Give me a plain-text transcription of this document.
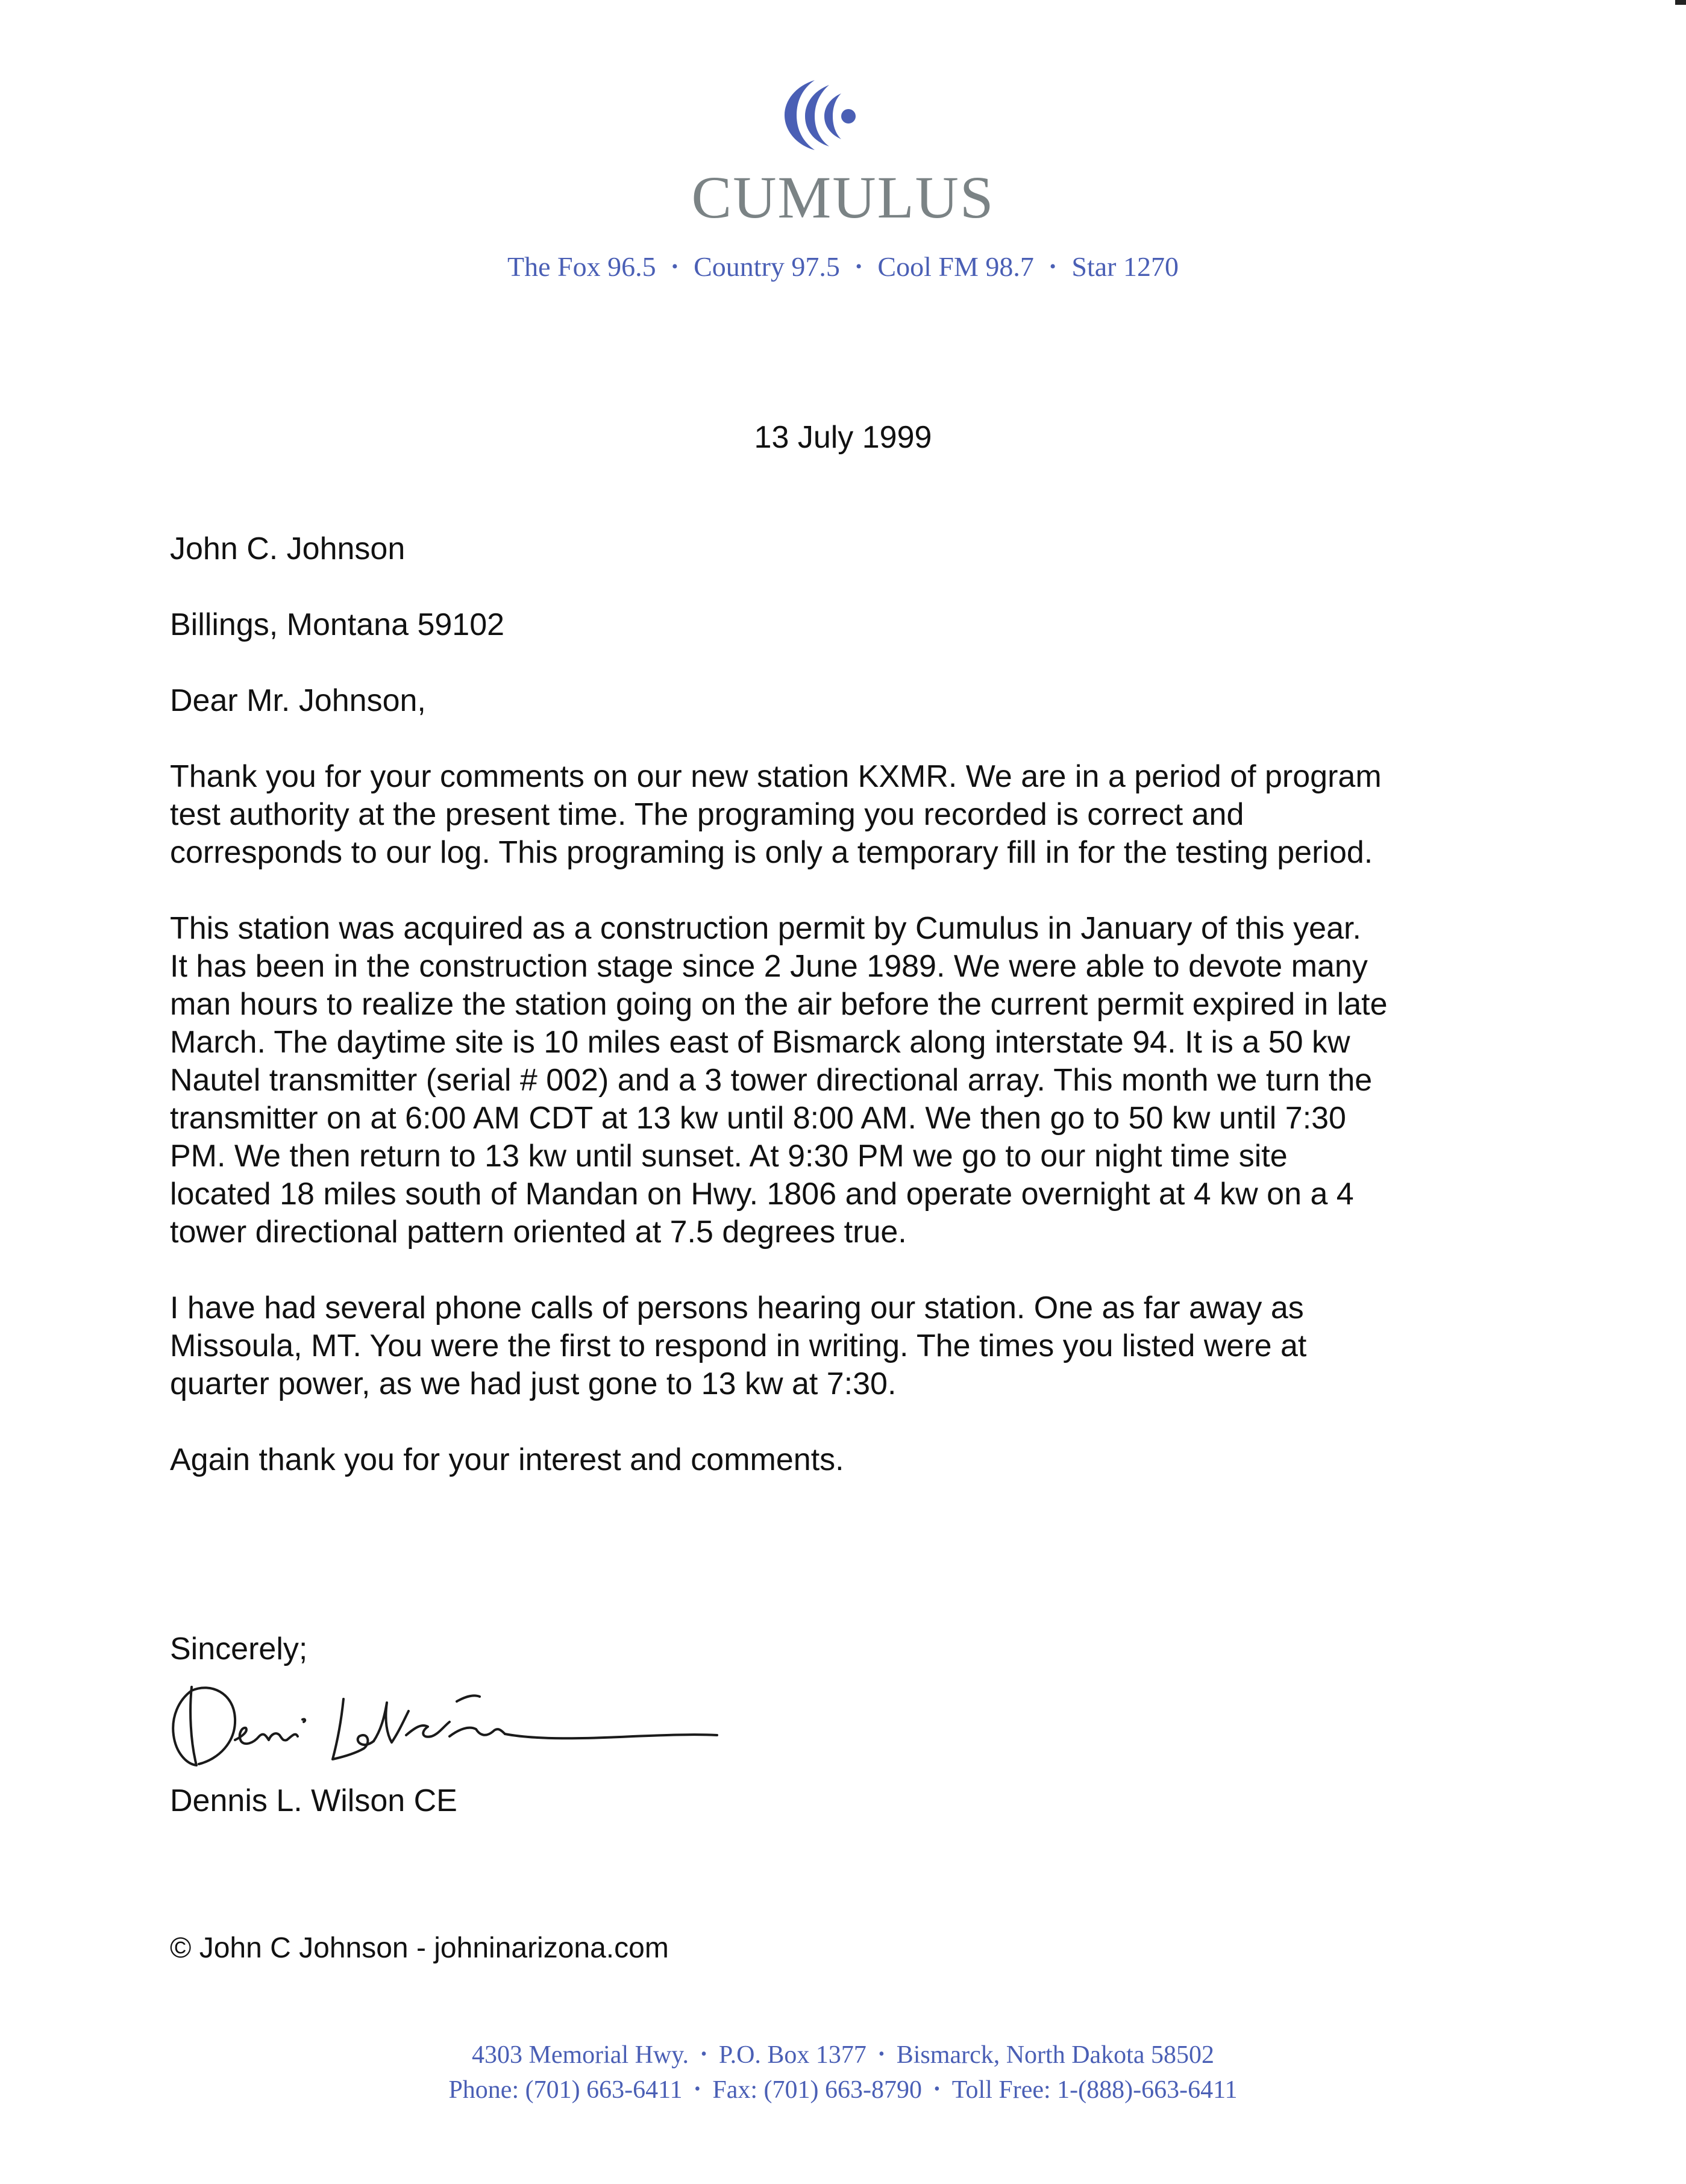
CUMULUS
The Fox 96.5 • Country 97.5 • Cool FM 98.7 • Star 1270
13 July 1999
John C. Johnson
Billings, Montana 59102
Dear Mr. Johnson,
Thank you for your comments on our new station KXMR. We are in a period of program
test authority at the present time. The programing you recorded is correct and
corresponds to our log. This programing is only a temporary fill in for the testing period.
This station was acquired as a construction permit by Cumulus in January of this year.
It has been in the construction stage since 2 June 1989. We were able to devote many
man hours to realize the station going on the air before the current permit expired in late
March. The daytime site is 10 miles east of Bismarck along interstate 94. It is a 50 kw
Nautel transmitter (serial # 002) and a 3 tower directional array. This month we turn the
transmitter on at 6:00 AM CDT at 13 kw until 8:00 AM. We then go to 50 kw until 7:30
PM. We then return to 13 kw until sunset. At 9:30 PM we go to our night time site
located 18 miles south of Mandan on Hwy. 1806 and operate overnight at 4 kw on a 4
tower directional pattern oriented at 7.5 degrees true.
I have had several phone calls of persons hearing our station. One as far away as
Missoula, MT. You were the first to respond in writing. The times you listed were at
quarter power, as we had just gone to 13 kw at 7:30.
Again thank you for your interest and comments.
Sincerely;
Dennis L. Wilson CE
© John C Johnson - johninarizona.com
4303 Memorial Hwy. • P.O. Box 1377 • Bismarck, North Dakota 58502
Phone: (701) 663-6411 • Fax: (701) 663-8790 • Toll Free: 1-(888)-663-6411
